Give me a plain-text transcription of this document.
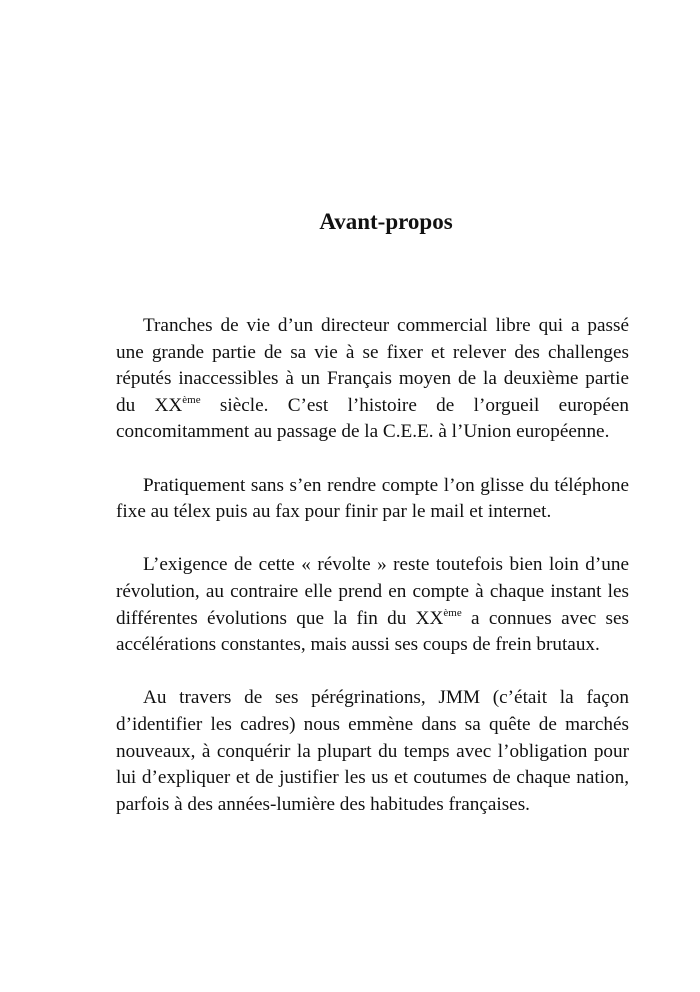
Avant-propos

Tranches de vie d’un directeur commercial libre qui a passé une grande partie de sa vie à se fixer et relever des challenges réputés inaccessibles à un Français moyen de la deuxième partie du XXème siècle. C’est l’histoire de l’orgueil européen concomitamment au passage de la C.E.E. à l’Union européenne.

Pratiquement sans s’en rendre compte l’on glisse du téléphone fixe au télex puis au fax pour finir par le mail et internet.

L’exigence de cette « révolte » reste toutefois bien loin d’une révolution, au contraire elle prend en compte à chaque instant les différentes évolutions que la fin du XXème a connues avec ses accélérations constantes, mais aussi ses coups de frein brutaux.

Au travers de ses pérégrinations, JMM (c’était la façon d’identifier les cadres) nous emmène dans sa quête de marchés nouveaux, à conquérir la plupart du temps avec l’obligation pour lui d’expliquer et de justifier les us et coutumes de chaque nation, parfois à des années-lumière des habitudes françaises.
